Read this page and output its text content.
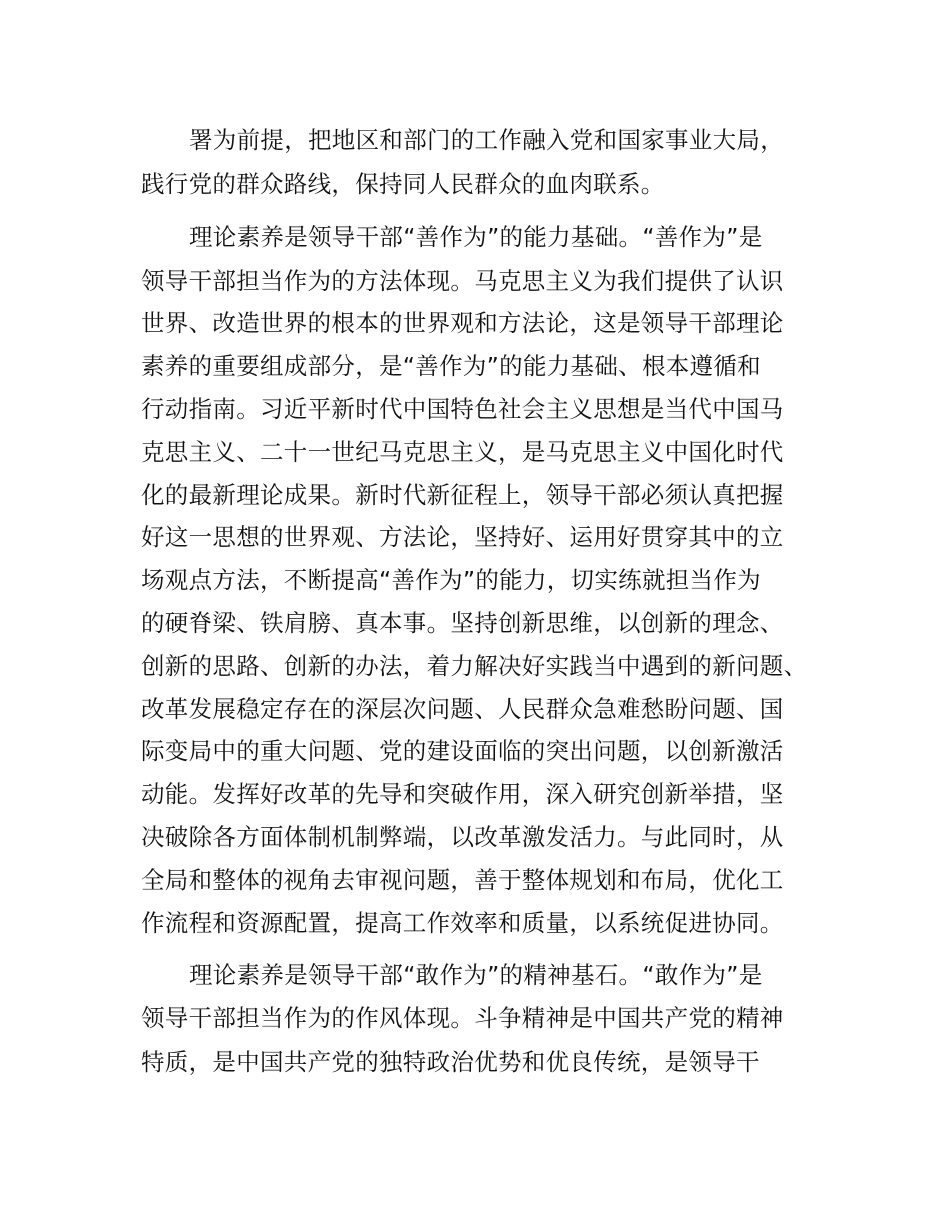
署为前提，把地区和部门的工作融入党和国家事业大局，
践行党的群众路线，保持同人民群众的血肉联系。
理论素养是领导干部“善作为”的能力基础。“善作为”是
领导干部担当作为的方法体现。马克思主义为我们提供了认识
世界、改造世界的根本的世界观和方法论，这是领导干部理论
素养的重要组成部分，是“善作为”的能力基础、根本遵循和
行动指南。习近平新时代中国特色社会主义思想是当代中国马
克思主义、二十一世纪马克思主义，是马克思主义中国化时代
化的最新理论成果。新时代新征程上，领导干部必须认真把握
好这一思想的世界观、方法论，坚持好、运用好贯穿其中的立
场观点方法，不断提高“善作为”的能力，切实练就担当作为
的硬脊梁、铁肩膀、真本事。坚持创新思维，以创新的理念、
创新的思路、创新的办法，着力解决好实践当中遇到的新问题、
改革发展稳定存在的深层次问题、人民群众急难愁盼问题、国
际变局中的重大问题、党的建设面临的突出问题，以创新激活
动能。发挥好改革的先导和突破作用，深入研究创新举措，坚
决破除各方面体制机制弊端，以改革激发活力。与此同时，从
全局和整体的视角去审视问题，善于整体规划和布局，优化工
作流程和资源配置，提高工作效率和质量，以系统促进协同。
理论素养是领导干部“敢作为”的精神基石。“敢作为”是
领导干部担当作为的作风体现。斗争精神是中国共产党的精神
特质，是中国共产党的独特政治优势和优良传统，是领导干
